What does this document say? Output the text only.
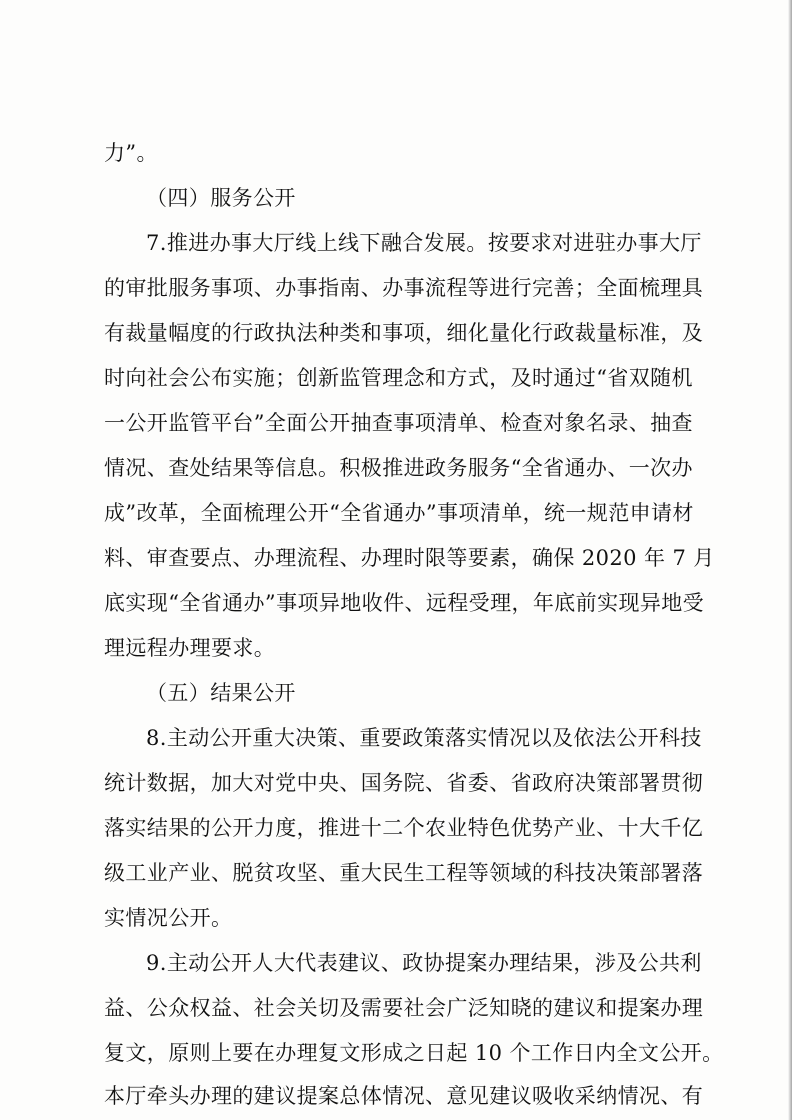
力”。
（四）服务公开
7.推进办事大厅线上线下融合发展。按要求对进驻办事大厅
的审批服务事项、办事指南、办事流程等进行完善；全面梳理具
有裁量幅度的行政执法种类和事项，细化量化行政裁量标准，及
时向社会公布实施；创新监管理念和方式，及时通过“省双随机
一公开监管平台”全面公开抽查事项清单、检查对象名录、抽查
情况、查处结果等信息。积极推进政务服务“全省通办、一次办
成”改革，全面梳理公开“全省通办”事项清单，统一规范申请材
料、审查要点、办理流程、办理时限等要素，确保 2020 年 7 月
底实现“全省通办”事项异地收件、远程受理，年底前实现异地受
理远程办理要求。
（五）结果公开
8.主动公开重大决策、重要政策落实情况以及依法公开科技
统计数据，加大对党中央、国务院、省委、省政府决策部署贯彻
落实结果的公开力度，推进十二个农业特色优势产业、十大千亿
级工业产业、脱贫攻坚、重大民生工程等领域的科技决策部署落
实情况公开。
9.主动公开人大代表建议、政协提案办理结果，涉及公共利
益、公众权益、社会关切及需要社会广泛知晓的建议和提案办理
复文，原则上要在办理复文形成之日起 10 个工作日内全文公开。
本厅牵头办理的建议提案总体情况、意见建议吸收采纳情况、有
